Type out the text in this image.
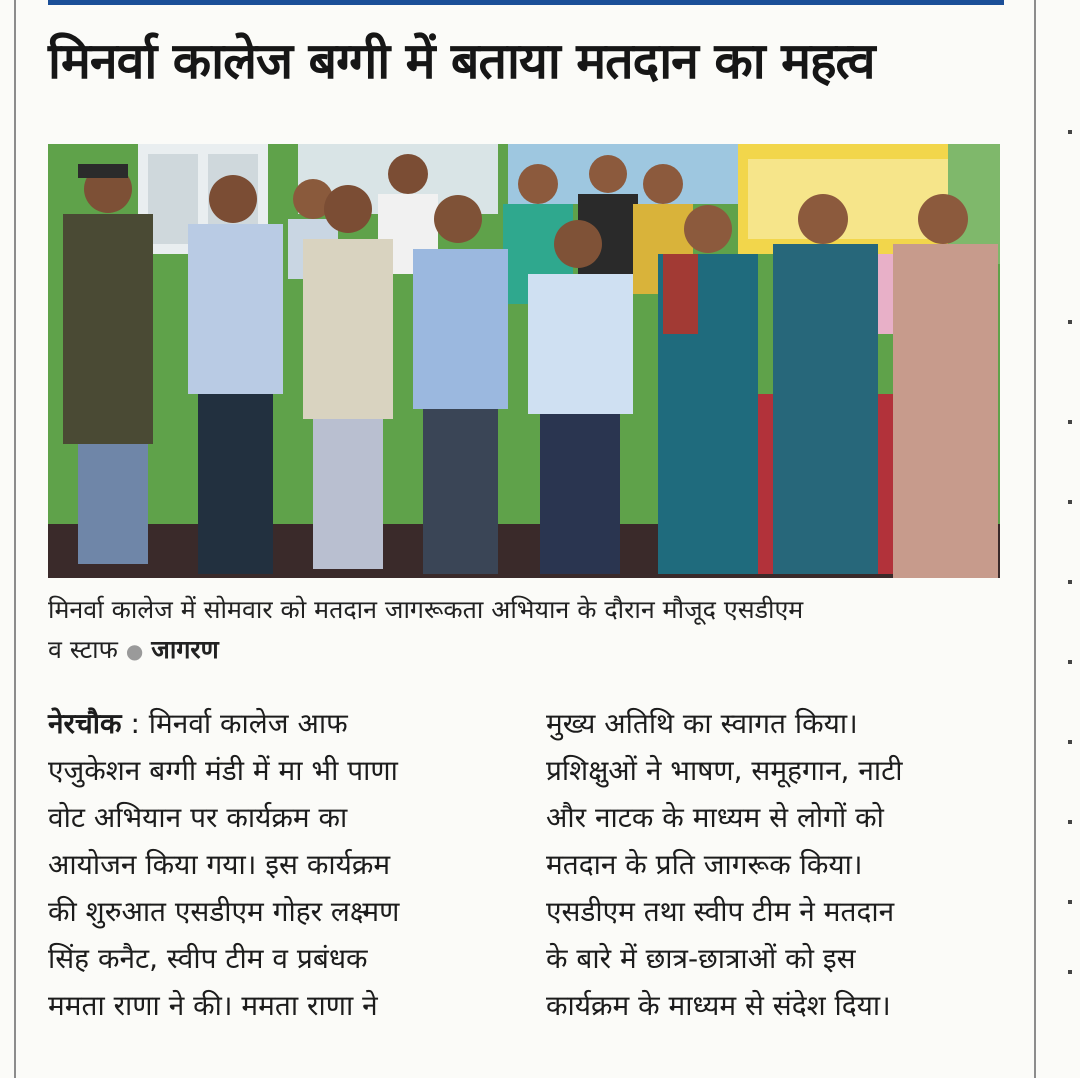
मिनर्वा कालेज बग्गी में बताया मतदान का महत्व
मिनर्वा कालेज में सोमवार को मतदान जागरूकता अभियान के दौरान मौजूद एसडीएम
व स्टाफ ● जागरण
नेरचौक : मिनर्वा कालेज आफ
एजुकेशन बग्गी मंडी में मा भी पाणा
वोट अभियान पर कार्यक्रम का
आयोजन किया गया। इस कार्यक्रम
की शुरुआत एसडीएम गोहर लक्ष्मण
सिंह कनैट, स्वीप टीम व प्रबंधक
ममता राणा ने की। ममता राणा ने
मुख्य अतिथि का स्वागत किया।
प्रशिक्षुओं ने भाषण, समूहगान, नाटी
और नाटक के माध्यम से लोगों को
मतदान के प्रति जागरूक किया।
एसडीएम तथा स्वीप टीम ने मतदान
के बारे में छात्र-छात्राओं को इस
कार्यक्रम के माध्यम से संदेश दिया।
